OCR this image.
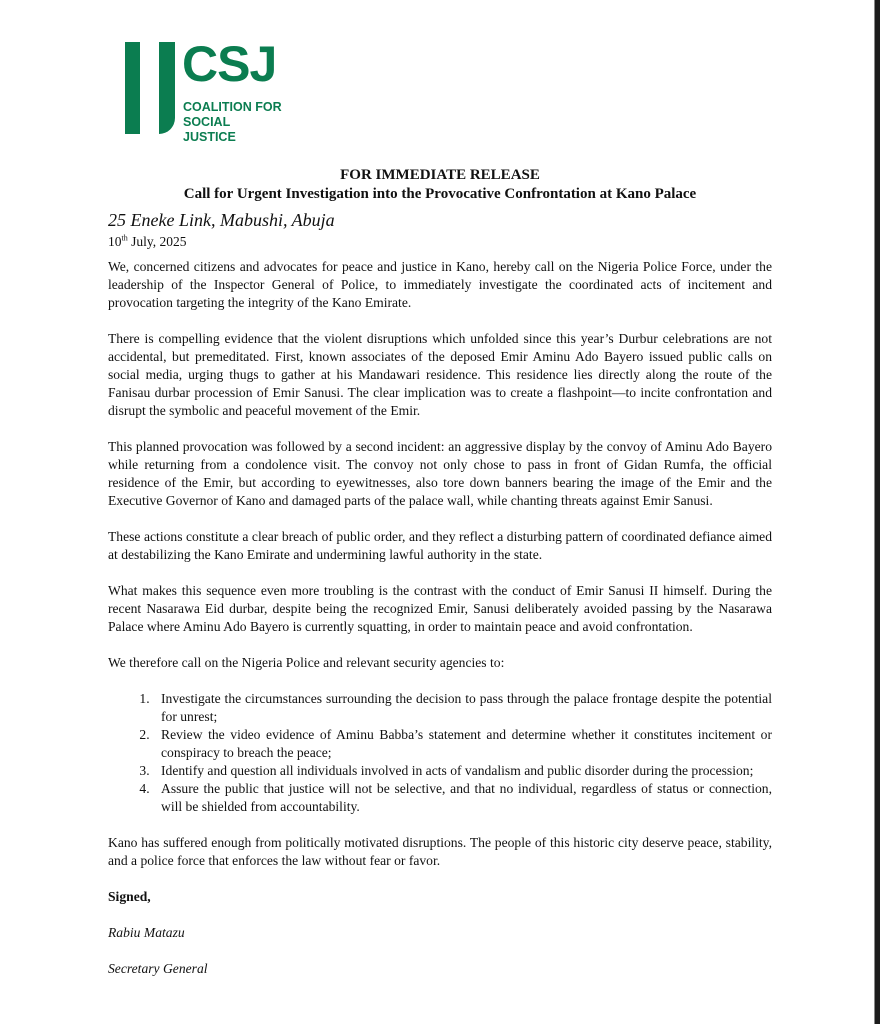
CSJ
COALITION FOR
SOCIAL JUSTICE
FOR IMMEDIATE RELEASE
Call for Urgent Investigation into the Provocative Confrontation at Kano Palace
25 Eneke Link, Mabushi, Abuja
10th July, 2025

We, concerned citizens and advocates for peace and justice in Kano, hereby call on the Nigeria Police Force, under the leadership of the Inspector General of Police, to immediately investigate the coordinated acts of incitement and provocation targeting the integrity of the Kano Emirate.

There is compelling evidence that the violent disruptions which unfolded since this year’s Durbur celebrations are not accidental, but premeditated. First, known associates of the deposed Emir Aminu Ado Bayero issued public calls on social media, urging thugs to gather at his Mandawari residence. This residence lies directly along the route of the Fanisau durbar procession of Emir Sanusi. The clear implication was to create a flashpoint—to incite confrontation and disrupt the symbolic and peaceful movement of the Emir.

This planned provocation was followed by a second incident: an aggressive display by the convoy of Aminu Ado Bayero while returning from a condolence visit. The convoy not only chose to pass in front of Gidan Rumfa, the official residence of the Emir, but according to eyewitnesses, also tore down banners bearing the image of the Emir and the Executive Governor of Kano and damaged parts of the palace wall, while chanting threats against Emir Sanusi.

These actions constitute a clear breach of public order, and they reflect a disturbing pattern of coordinated defiance aimed at destabilizing the Kano Emirate and undermining lawful authority in the state.

What makes this sequence even more troubling is the contrast with the conduct of Emir Sanusi II himself. During the recent Nasarawa Eid durbar, despite being the recognized Emir, Sanusi deliberately avoided passing by the Nasarawa Palace where Aminu Ado Bayero is currently squatting, in order to maintain peace and avoid confrontation.

We therefore call on the Nigeria Police and relevant security agencies to:

1. Investigate the circumstances surrounding the decision to pass through the palace frontage despite the potential for unrest;
2. Review the video evidence of Aminu Babba’s statement and determine whether it constitutes incitement or conspiracy to breach the peace;
3. Identify and question all individuals involved in acts of vandalism and public disorder during the procession;
4. Assure the public that justice will not be selective, and that no individual, regardless of status or connection, will be shielded from accountability.

Kano has suffered enough from politically motivated disruptions. The people of this historic city deserve peace, stability, and a police force that enforces the law without fear or favor.

Signed,

Rabiu Matazu

Secretary General
